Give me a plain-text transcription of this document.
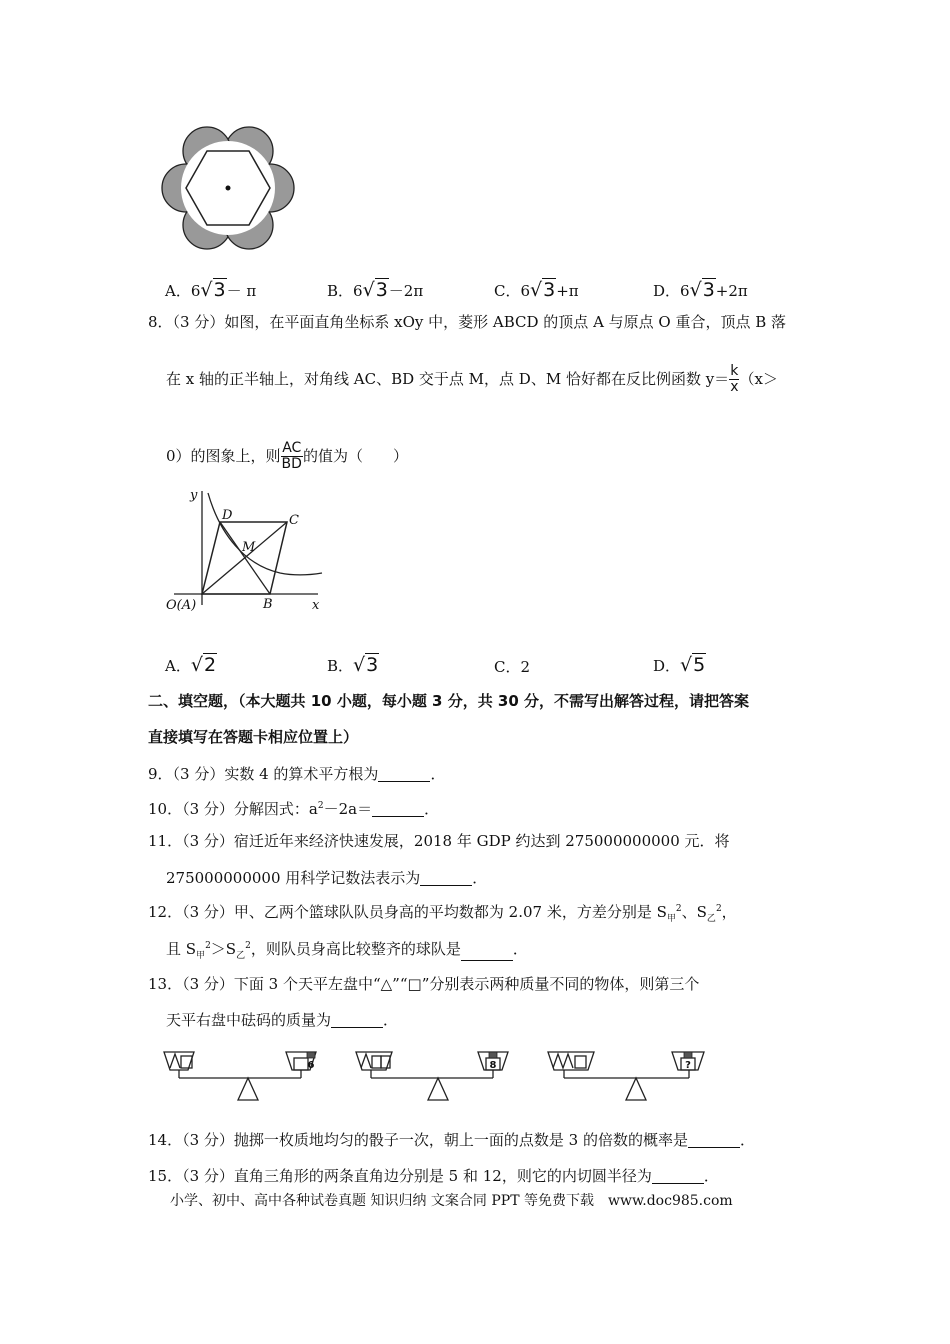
A．6√3－ π	B．6√3－2π	C．6√3+π	D．6√3+2π
8．（3 分）如图，在平面直角坐标系 xOy 中，菱形 ABCD 的顶点 A 与原点 O 重合，顶点 B 落
在 x 轴的正半轴上，对角线 AC、BD 交于点 M，点 D、M 恰好都在反比例函数 $y= \frac{k}{x} (x>$
0）的图象上，则 $\frac{AC}{BD}$ 的值为（　　）
y
x
D	C
M
B
O(A)
A．√2	B．√3	C．2	D．√5
二、填空题，（本大题共 10 小题，每小题 3 分，共 30 分，不需写出解答过程，请把答案
直接填写在答题卡相应位置上）
9．（3 分）实数 4 的算术平方根为	．
10．（3 分）分解因式：$a^2-2a=$	．
11．（3 分）宿迁近年来经济快速发展，2018 年 GDP 约达到 275000000000 元．将
275000000000 用科学记数法表示为	．
12．（3 分）甲、乙两个篮球队队员身高的平均数都为 2.07 米，方差分别是 $S_甲^2$、$S_乙^2$，
且 $S_甲^2>S_乙^2$，则队员身高比较整齐的球队是	．
13．（3 分）下面 3 个天平左盘中“△”“□”分别表示两种质量不同的物体，则第三个
天平右盘中砝码的质量为	．
6	8	?
14．（3 分）抛掷一枚质地均匀的骰子一次，朝上一面的点数是 3 的倍数的概率是	．
15．（3 分）直角三角形的两条直角边分别是 5 和 12，则它的内切圆半径为	．
小学、初中、高中各种试卷真题 知识归纳 文案合同 PPT 等免费下载　www.doc985.com
